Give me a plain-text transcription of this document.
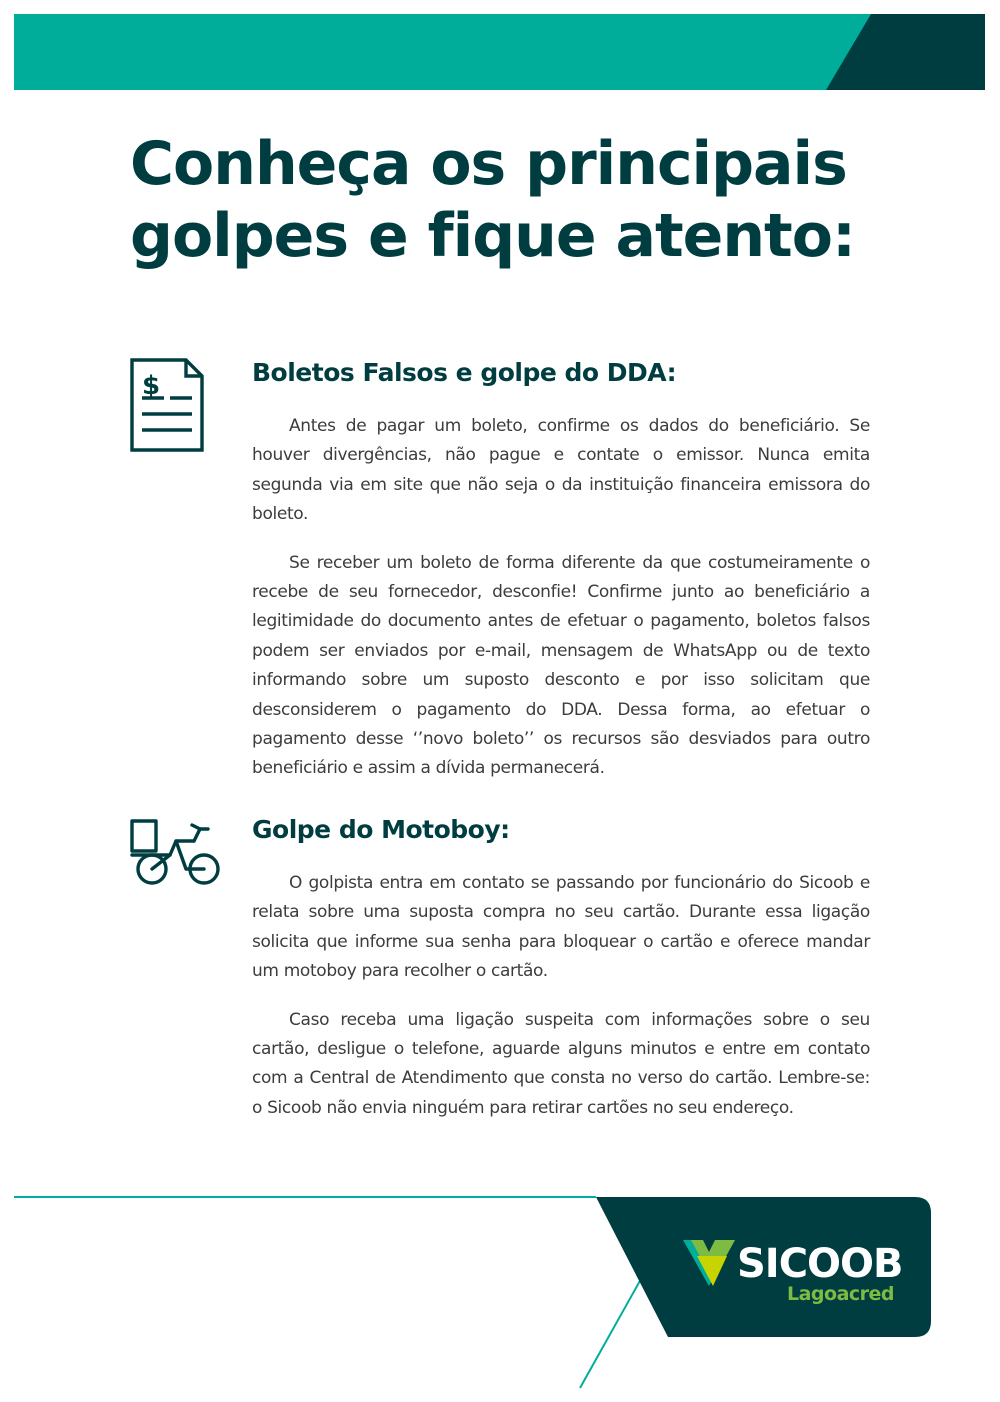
Conheça os principais
golpes e fique atento:
$	Boletos Falsos e golpe do DDA:

Antes de pagar um boleto, confirme os dados do beneficiário. Se houver divergências, não pague e contate o emissor. Nunca emita segunda via em site que não seja o da instituição financeira emissora do boleto.

Se receber um boleto de forma diferente da que costumeiramente o recebe de seu fornecedor, desconfie! Confirme junto ao beneficiário a legitimidade do documento antes de efetuar o pagamento, boletos falsos podem ser enviados por e-mail, mensagem de WhatsApp ou de texto informando sobre um suposto desconto e por isso solicitam que desconsiderem o pagamento do DDA. Dessa forma, ao efetuar o pagamento desse ‘’novo boleto’’ os recursos são desviados para outro beneficiário e assim a dívida permanecerá.

Golpe do Motoboy:

O golpista entra em contato se passando por funcionário do Sicoob e relata sobre uma suposta compra no seu cartão. Durante essa ligação solicita que informe sua senha para bloquear o cartão e oferece mandar um motoboy para recolher o cartão.

Caso receba uma ligação suspeita com informações sobre o seu cartão, desligue o telefone, aguarde alguns minutos e entre em contato com a Central de Atendimento que consta no verso do cartão. Lembre-se: o Sicoob não envia ninguém para retirar cartões no seu endereço.

SICOOB
Lagoacred
